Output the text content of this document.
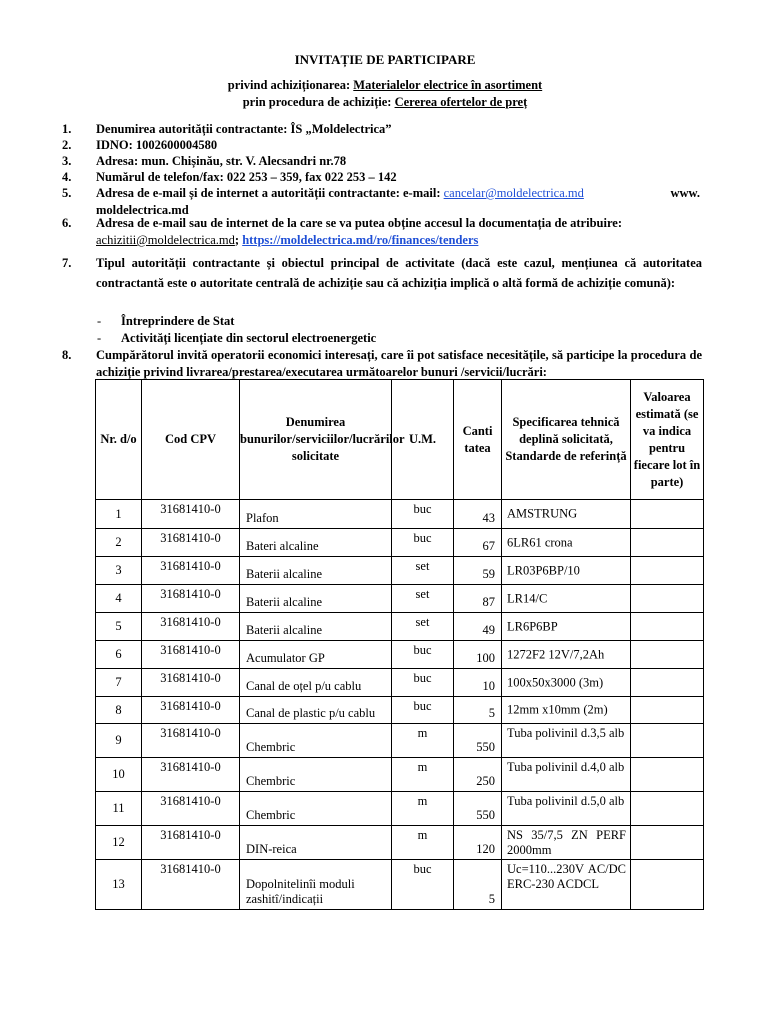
INVITAȚIE DE PARTICIPARE
privind achiziționarea: Materialelor electrice în asortiment
prin procedura de achiziție: Cererea ofertelor de preț
1. Denumirea autorității contractante: ÎS „Moldelectrica”
2. IDNO: 1002600004580
3. Adresa: mun. Chișinău, str. V. Alecsandri nr.78
4. Numărul de telefon/fax: 022 253 – 359, fax 022 253 – 142
5. Adresa de e-mail și de internet a autorității contractante: e-mail: cancelar@moldelectrica.md	www.

moldelectrica.md
6. Adresa de e-mail sau de internet de la care se va putea obține accesul la documentația de atribuire:
achizitii@moldelectrica.md; https://moldelectrica.md/ro/finances/tenders
7. Tipul autorității contractante și obiectul principal de activitate (dacă este cazul, mențiunea că autoritatea contractantă este o autoritate centrală de achiziție sau că achiziția implică o altă formă de achiziție comună):
- Întreprindere de Stat
- Activități licențiate din sectorul electroenergetic
8. Cumpărătorul invită operatorii economici interesați, care îi pot satisface necesitățile, să participe la procedura de achiziție privind livrarea/prestarea/executarea următoarelor bunuri /servicii/lucrări:
Nr. d/o	Cod CPV	Denumirea bunurilor/serviciilor/lucrărilor solicitate	U.M.	Canti tatea	Specificarea tehnică deplină solicitată, Standarde de referință	Valoarea estimată (se va indica pentru fiecare lot în parte)
1	31681410-0	Plafon	buc	43	AMSTRUNG	

2	31681410-0	Bateri alcaline	buc	67	6LR61 crona	

3	31681410-0	Baterii alcaline	set	59	LR03P6BP/10	

4	31681410-0	Baterii alcaline	set	87	LR14/C	

5	31681410-0	Baterii alcaline	set	49	LR6P6BP	

6	31681410-0	Acumulator GP	buc	100	1272F2 12V/7,2Ah	

7	31681410-0	Canal de oțel p/u cablu	buc	10	100x50x3000 (3m)	

8	31681410-0	Canal de plastic p/u cablu	buc	5	12mm x10mm (2m)	

9	31681410-0	Chembric	m	550	Tuba polivinil d.3,5 alb	

10	31681410-0	Chembric	m	250	Tuba polivinil d.4,0 alb	

11	31681410-0	Chembric	m	550	Tuba polivinil d.5,0 alb	

12	31681410-0	DIN-reica	m	120	NS 35/7,5 ZN PERF 2000mm	

13	31681410-0	Dopolnitelinîi moduli zashitî/indicații	buc	5	Uc=110...230V AC/DC ERC-230 ACDCL	
